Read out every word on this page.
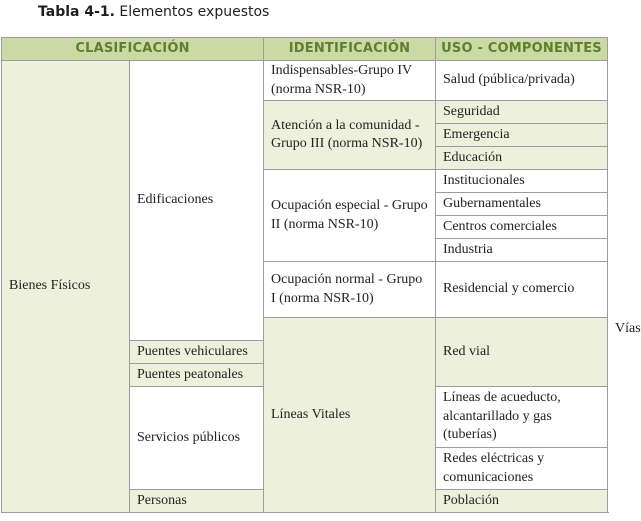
Tabla 4-1. Elementos expuestos
CLASIFICACIÓN		IDENTIFICACIÓN	USO - COMPONENTES	
Bienes Físicos	Edificaciones	Indispensables-Grupo IV (norma NSR-10)	Salud (pública/privada)	
		Atención a la comunidad - Grupo III (norma NSR-10)	Seguridad	
			Emergencia	
			Educación	
		Ocupación especial - Grupo II (norma NSR-10)	Institucionales	
			Gubernamentales	
			Centros comerciales	
			Industria	
		Ocupación normal - Grupo I (norma NSR-10)	Residencial y comercio	
		Líneas Vitales	Red vial	Vías
	Puentes vehiculares			
	Puentes peatonales			
	Servicios públicos		Líneas de acueducto, alcantarillado y gas (tuberías)	
			Redes eléctricas y comunicaciones	
	Personas		Población	
